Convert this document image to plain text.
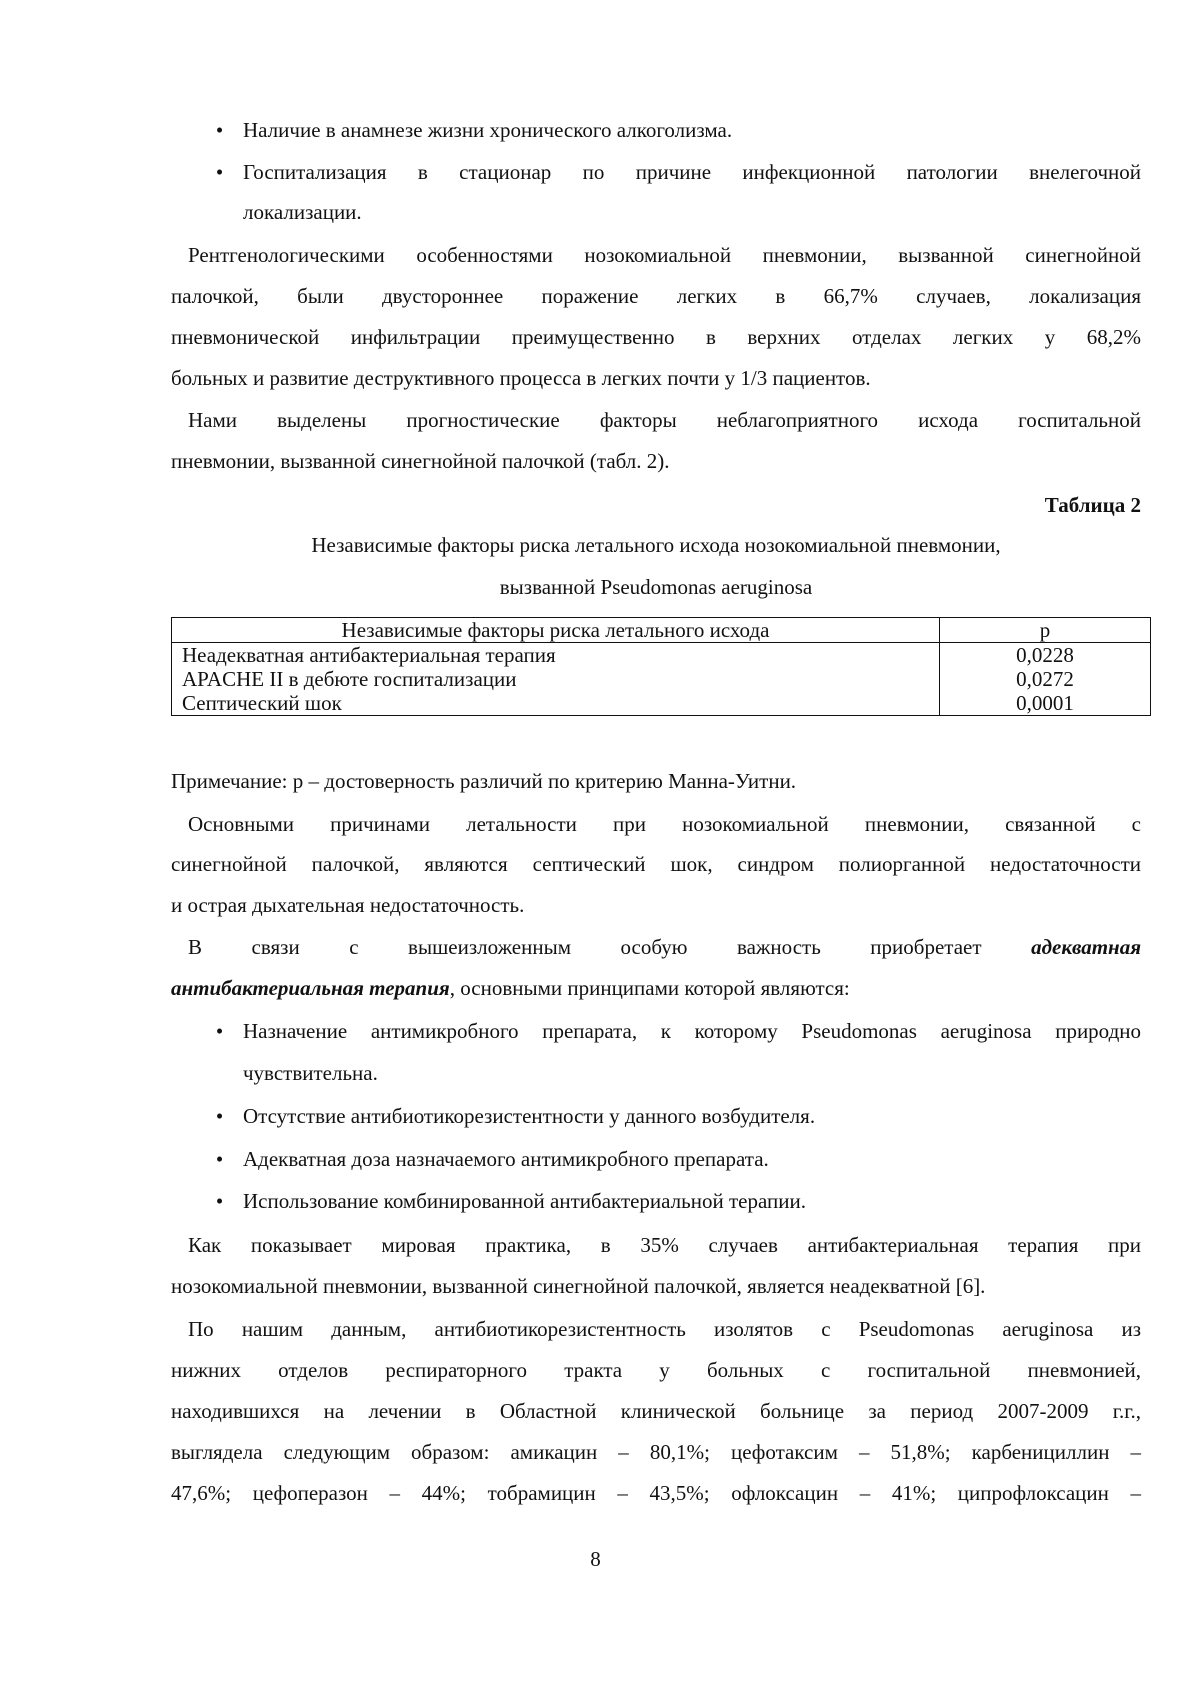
• Наличие в анамнезе жизни хронического алкоголизма.
• Госпитализация в стационар по причине инфекционной патологии внелегочной
локализации.
Рентгенологическими особенностями нозокомиальной пневмонии, вызванной синегнойной
палочкой, были двустороннее поражение легких в 66,7% случаев, локализация
пневмонической инфильтрации преимущественно в верхних отделах легких у 68,2%
больных и развитие деструктивного процесса в легких почти у 1/3 пациентов.
Нами выделены прогностические факторы неблагоприятного исхода госпитальной
пневмонии, вызванной синегнойной палочкой (табл. 2).
Таблица 2
Независимые факторы риска летального исхода нозокомиальной пневмонии,
вызванной Pseudomonas aeruginosa
Независимые факторы риска летального исхода	p
Неадекватная антибактериальная терапия	0,0228
APACHE II в дебюте госпитализации	0,0272
Септический шок	0,0001
Примечание: р – достоверность различий по критерию Манна-Уитни.
Основными причинами летальности при нозокомиальной пневмонии, связанной с
синегнойной палочкой, являются септический шок, синдром полиорганной недостаточности
и острая дыхательная недостаточность.
В связи с вышеизложенным особую важность приобретает адекватная
антибактериальная терапия, основными принципами которой являются:
• Назначение антимикробного препарата, к которому Pseudomonas aeruginosa природно
чувствительна.
• Отсутствие антибиотикорезистентности у данного возбудителя.
• Адекватная доза назначаемого антимикробного препарата.
• Использование комбинированной антибактериальной терапии.
Как показывает мировая практика, в 35% случаев антибактериальная терапия при
нозокомиальной пневмонии, вызванной синегнойной палочкой, является неадекватной [6].
По нашим данным, антибиотикорезистентность изолятов с Pseudomonas aeruginosa из
нижних отделов респираторного тракта у больных с госпитальной пневмонией,
находившихся на лечении в Областной клинической больнице за период 2007-2009 г.г.,
выглядела следующим образом: амикацин – 80,1%; цефотаксим – 51,8%; карбенициллин –
47,6%; цефоперазон – 44%; тобрамицин – 43,5%; офлоксацин – 41%; ципрофлоксацин –
8
